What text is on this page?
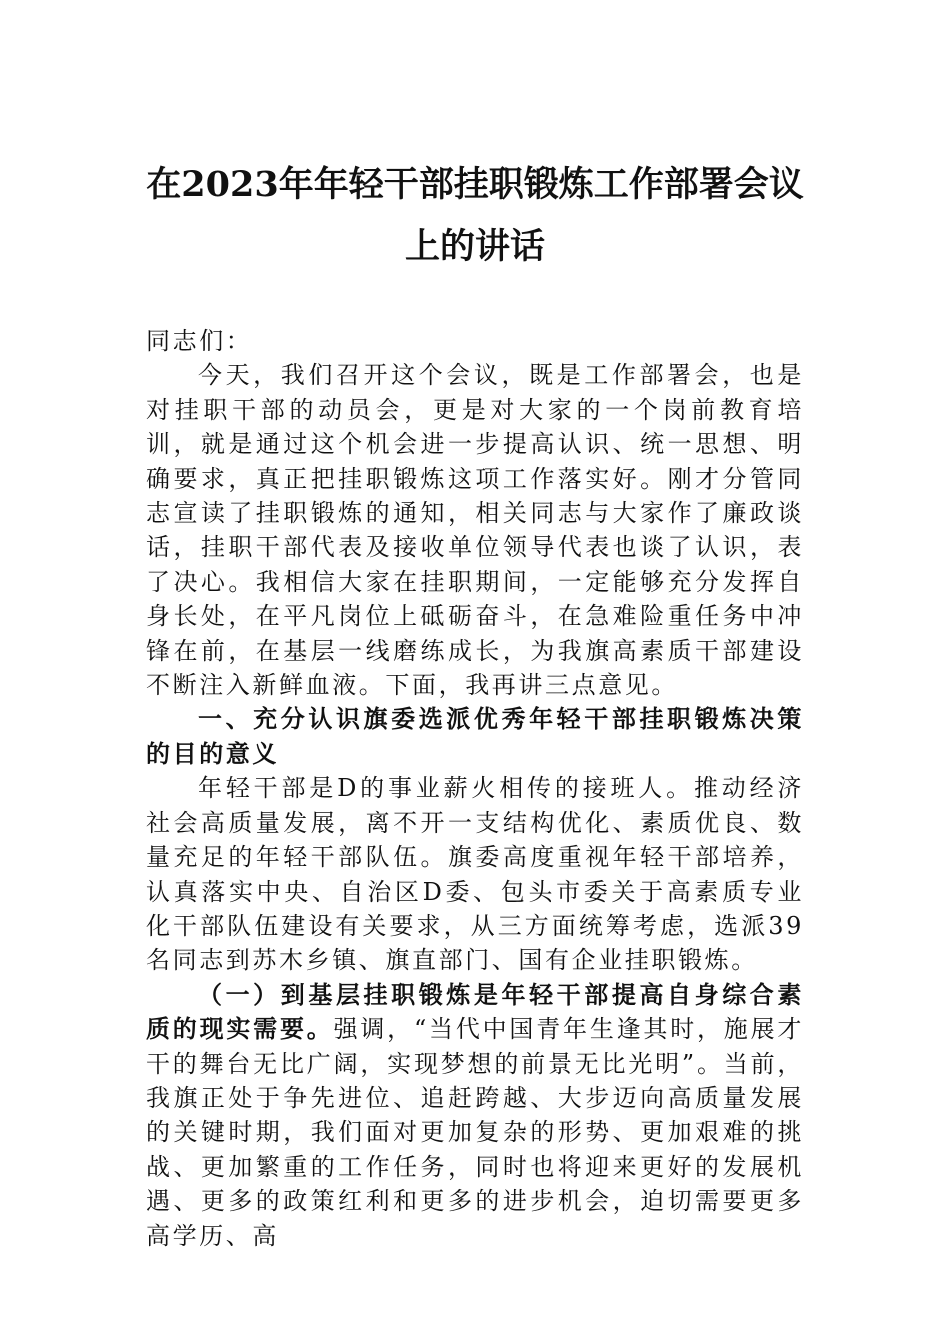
在2023年年轻干部挂职锻炼工作部署会议
上的讲话

同志们：

今天，我们召开这个会议，既是工作部署会，也是对挂职干部的动员会，更是对大家的一个岗前教育培训，就是通过这个机会进一步提高认识、统一思想、明确要求，真正把挂职锻炼这项工作落实好。刚才分管同志宣读了挂职锻炼的通知，相关同志与大家作了廉政谈话，挂职干部代表及接收单位领导代表也谈了认识，表了决心。我相信大家在挂职期间，一定能够充分发挥自身长处，在平凡岗位上砥砺奋斗，在急难险重任务中冲锋在前，在基层一线磨练成长，为我旗高素质干部建设不断注入新鲜血液。下面，我再讲三点意见。

一、充分认识旗委选派优秀年轻干部挂职锻炼决策的目的意义

年轻干部是D的事业薪火相传的接班人。推动经济社会高质量发展，离不开一支结构优化、素质优良、数量充足的年轻干部队伍。旗委高度重视年轻干部培养，认真落实中央、自治区D委、包头市委关于高素质专业化干部队伍建设有关要求，从三方面统筹考虑，选派39名同志到苏木乡镇、旗直部门、国有企业挂职锻炼。

（一）到基层挂职锻炼是年轻干部提高自身综合素质的现实需要。强调，“当代中国青年生逢其时，施展才干的舞台无比广阔，实现梦想的前景无比光明”。当前，我旗正处于争先进位、追赶跨越、大步迈向高质量发展的关键时期，我们面对更加复杂的形势、更加艰难的挑战、更加繁重的工作任务，同时也将迎来更好的发展机遇、更多的政策红利和更多的进步机会，迫切需要更多高学历、高
